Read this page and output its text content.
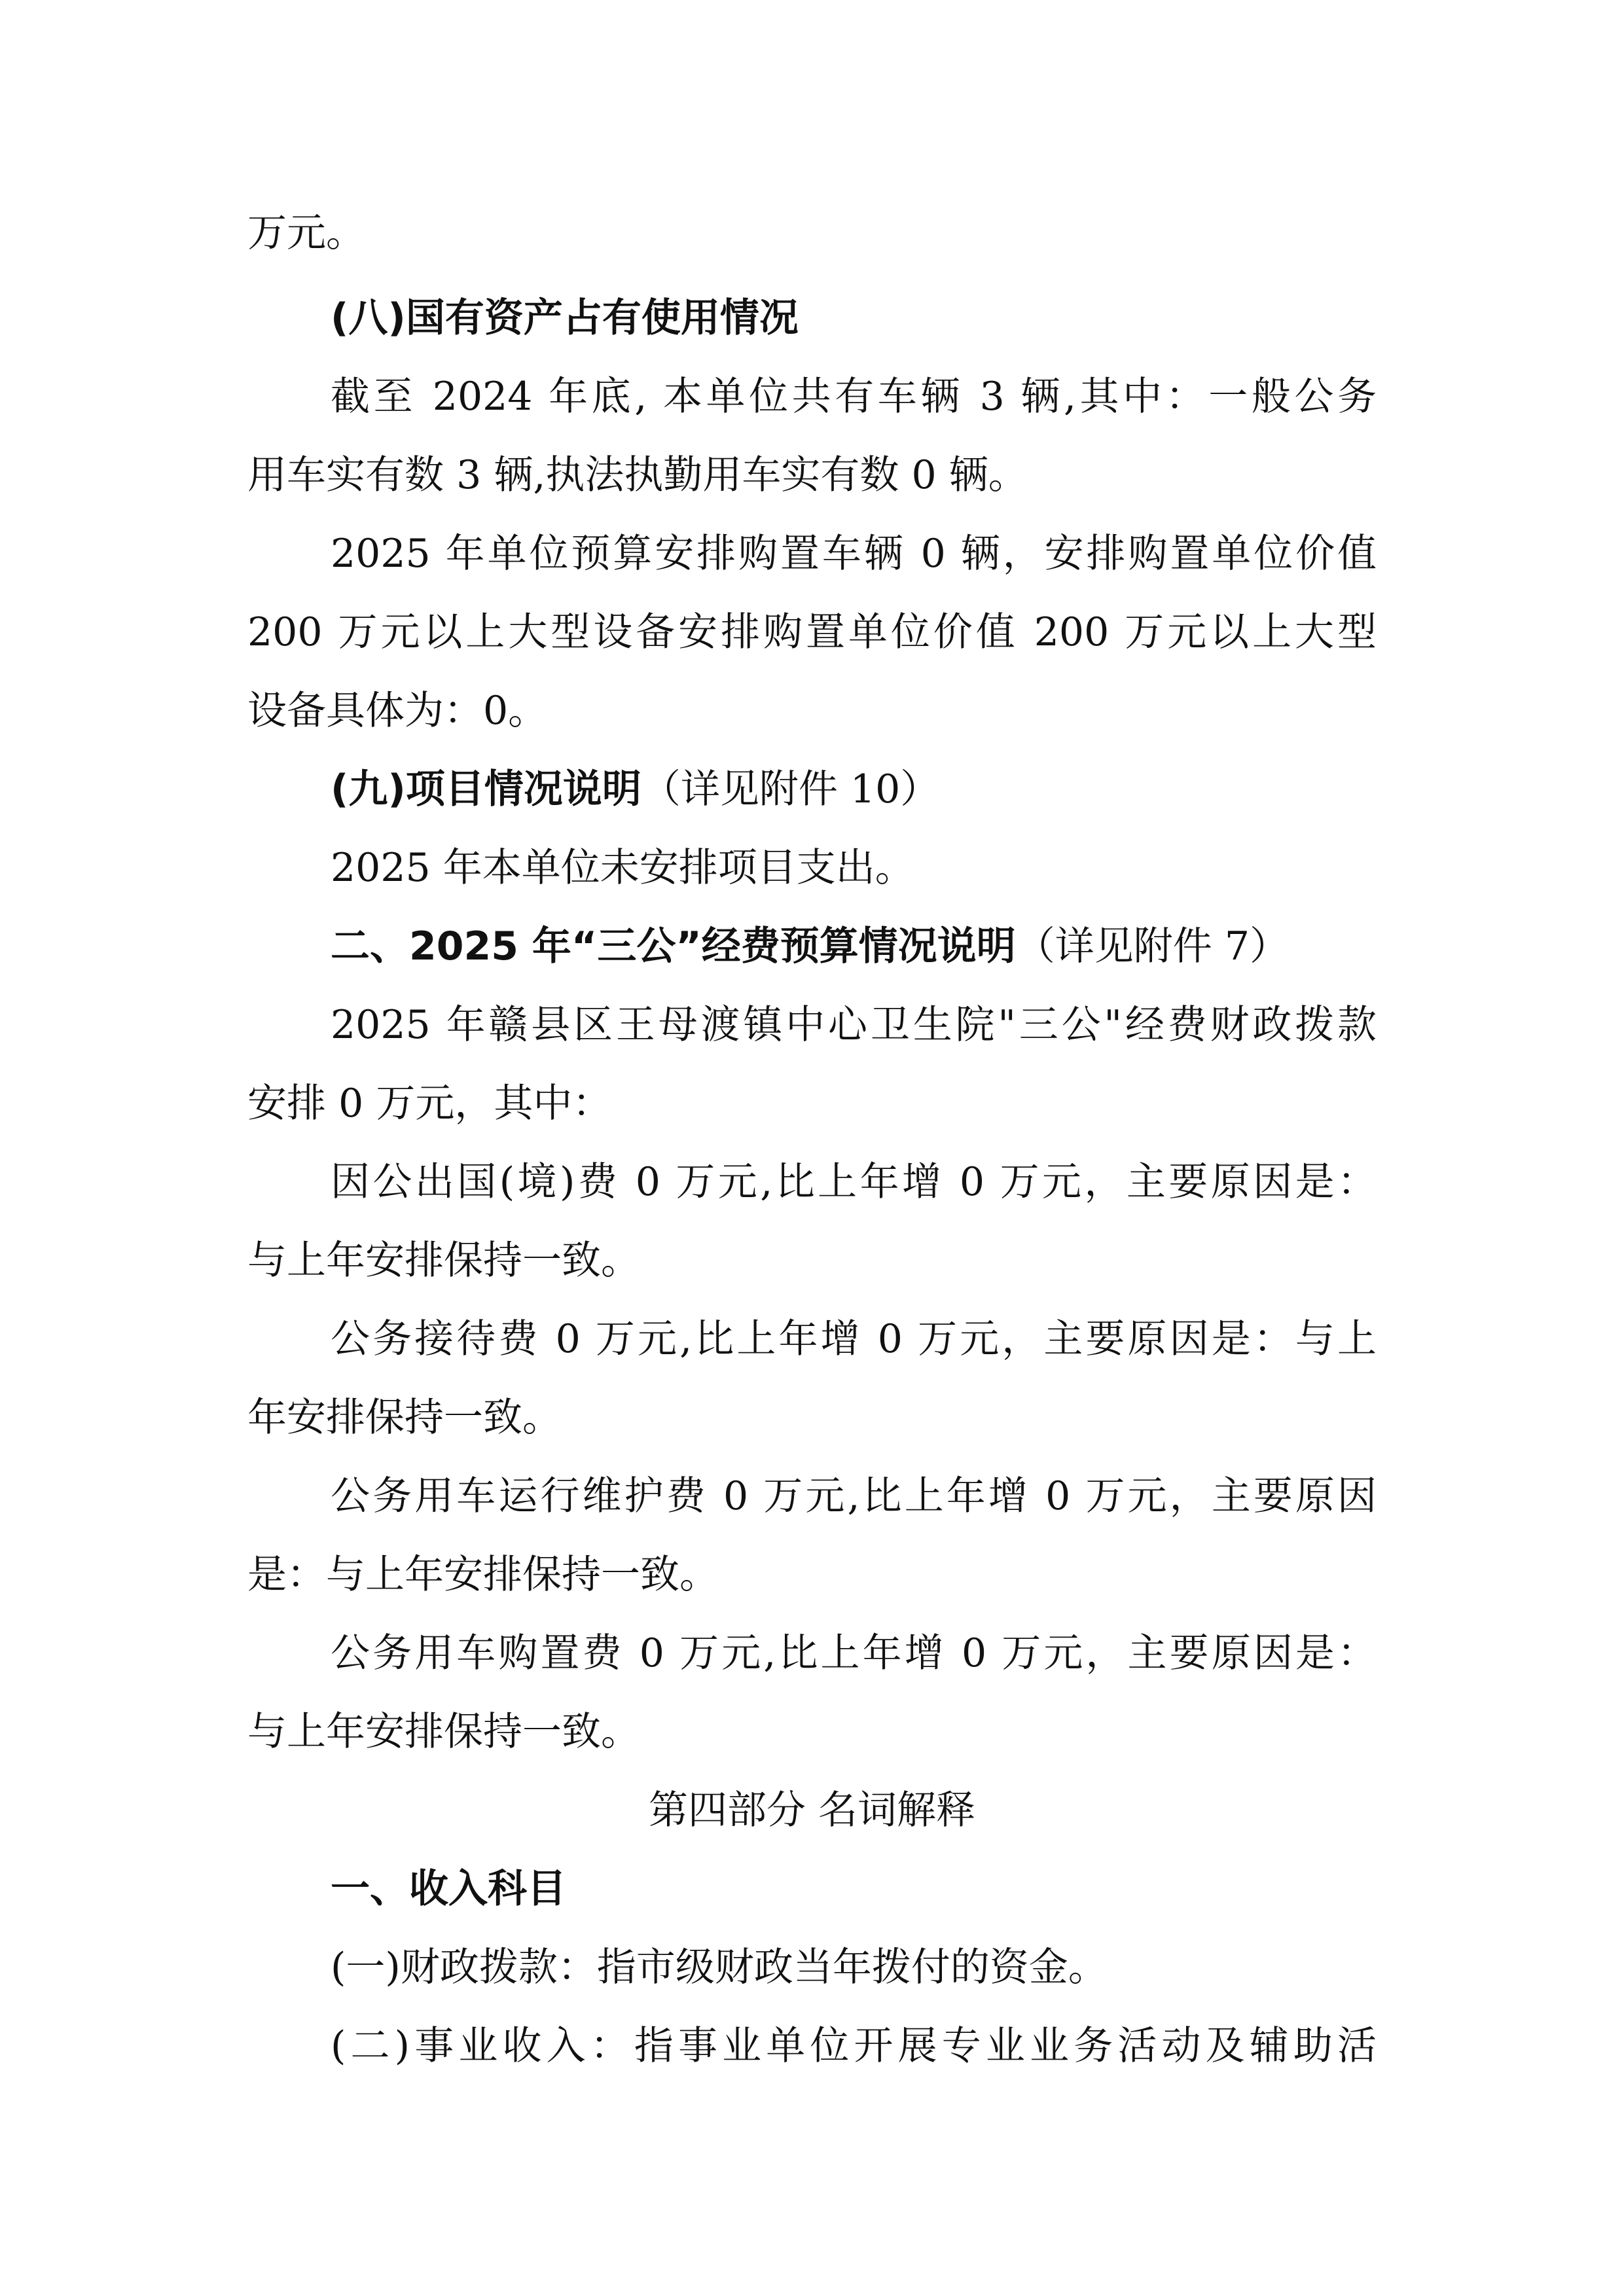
万元。
(八)国有资产占有使用情况
截至 2024 年底, 本单位共有车辆 3 辆,其中：一般公务
用车实有数 3 辆,执法执勤用车实有数 0 辆。
2025 年单位预算安排购置车辆 0 辆，安排购置单位价值
200 万元以上大型设备安排购置单位价值 200 万元以上大型
设备具体为：0。
(九)项目情况说明（详见附件 10）
2025 年本单位未安排项目支出。
二、2025 年“三公”经费预算情况说明（详见附件 7）
2025 年赣县区王母渡镇中心卫生院"三公"经费财政拨款
安排 0 万元，其中：
因公出国(境)费 0 万元,比上年增 0 万元，主要原因是：
与上年安排保持一致。
公务接待费 0 万元,比上年增 0 万元，主要原因是：与上
年安排保持一致。
公务用车运行维护费 0 万元,比上年增 0 万元，主要原因
是：与上年安排保持一致。
公务用车购置费 0 万元,比上年增 0 万元，主要原因是：
与上年安排保持一致。
第四部分 名词解释
一、收入科目
(一)财政拨款：指市级财政当年拨付的资金。
(二)事业收入：指事业单位开展专业业务活动及辅助活
